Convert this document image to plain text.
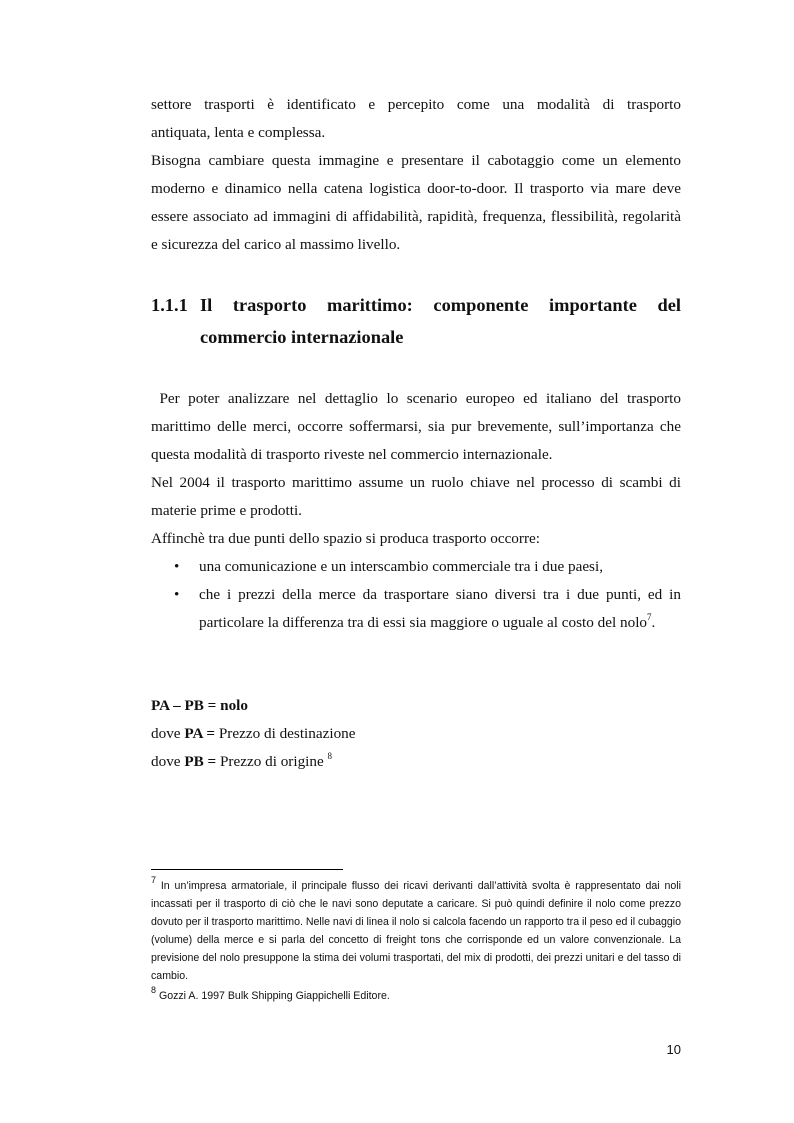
settore trasporti è identificato e percepito come una modalità di trasporto
antiquata, lenta e complessa.
Bisogna cambiare questa immagine e presentare il cabotaggio come un elemento moderno e dinamico nella catena logistica door-to-door. Il trasporto via mare deve essere associato ad immagini di affidabilità, rapidità, frequenza, flessibilità, regolarità e sicurezza del carico al massimo livello.
1.1.1 Il trasporto marittimo: componente importante del
commercio internazionale
Per poter analizzare nel dettaglio lo scenario europeo ed italiano del trasporto marittimo delle merci, occorre soffermarsi, sia pur brevemente, sull’importanza che questa modalità di trasporto riveste nel commercio internazionale.
Nel 2004 il trasporto marittimo assume un ruolo chiave nel processo di scambi di materie prime e prodotti.
Affinchè tra due punti dello spazio si produca trasporto occorre:
• una comunicazione e un interscambio commerciale tra i due paesi,
• che i prezzi della merce da trasportare siano diversi tra i due punti, ed in particolare la differenza tra di essi sia maggiore o uguale al costo del nolo$^7$.
PA – PB = nolo
dove PA = Prezzo di destinazione
dove PB = Prezzo di origine $^8$
$^7$ In un’impresa armatoriale, il principale flusso dei ricavi derivanti dall’attività svolta è rappresentato dai noli incassati per il trasporto di ciò che le navi sono deputate a caricare. Si può quindi definire il nolo come prezzo dovuto per il trasporto marittimo. Nelle navi di linea il nolo si calcola facendo un rapporto tra il peso ed il cubaggio (volume) della merce e si parla del concetto di freight tons che corrisponde ed un valore convenzionale. La previsione del nolo presuppone la stima dei volumi trasportati, del mix di prodotti, dei prezzi unitari e del tasso di cambio.
$^8$ Gozzi A. 1997 Bulk Shipping Giappichelli Editore.
10
